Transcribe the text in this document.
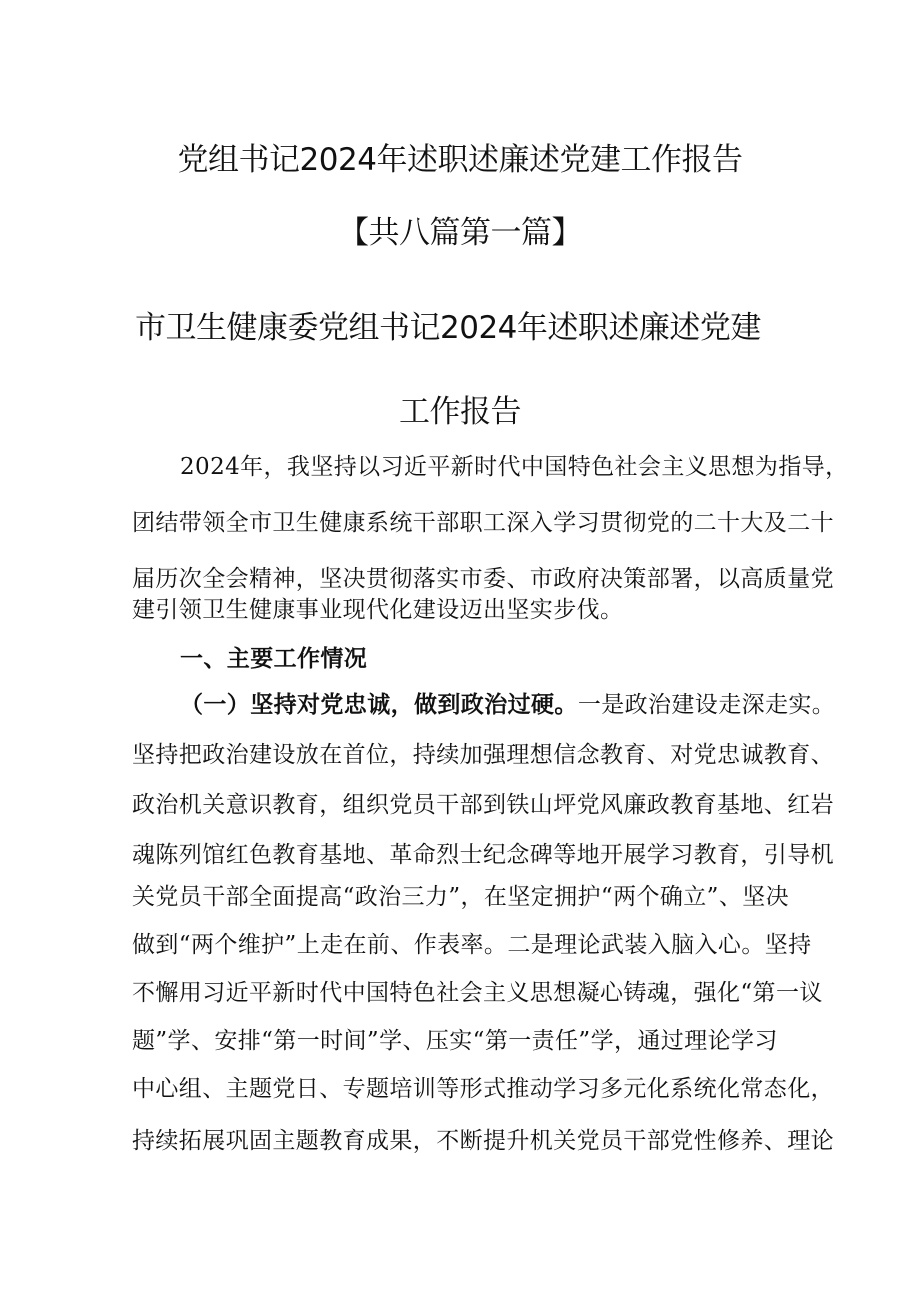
党组书记2024年述职述廉述党建工作报告
【共八篇第一篇】
市卫生健康委党组书记2024年述职述廉述党建
工作报告
2024年，我坚持以习近平新时代中国特色社会主义思想为指导，
团结带领全市卫生健康系统干部职工深入学习贯彻党的二十大及二十
届历次全会精神，坚决贯彻落实市委、市政府决策部署，以高质量党
建引领卫生健康事业现代化建设迈出坚实步伐。
一、主要工作情况
（一）坚持对党忠诚，做到政治过硬。一是政治建设走深走实。
坚持把政治建设放在首位，持续加强理想信念教育、对党忠诚教育、
政治机关意识教育，组织党员干部到铁山坪党风廉政教育基地、红岩
魂陈列馆红色教育基地、革命烈士纪念碑等地开展学习教育，引导机
关党员干部全面提高“政治三力”，在坚定拥护“两个确立”、坚决
做到“两个维护”上走在前、作表率。二是理论武装入脑入心。坚持
不懈用习近平新时代中国特色社会主义思想凝心铸魂，强化“第一议
题”学、安排“第一时间”学、压实“第一责任”学，通过理论学习
中心组、主题党日、专题培训等形式推动学习多元化系统化常态化，
持续拓展巩固主题教育成果，不断提升机关党员干部党性修养、理论
